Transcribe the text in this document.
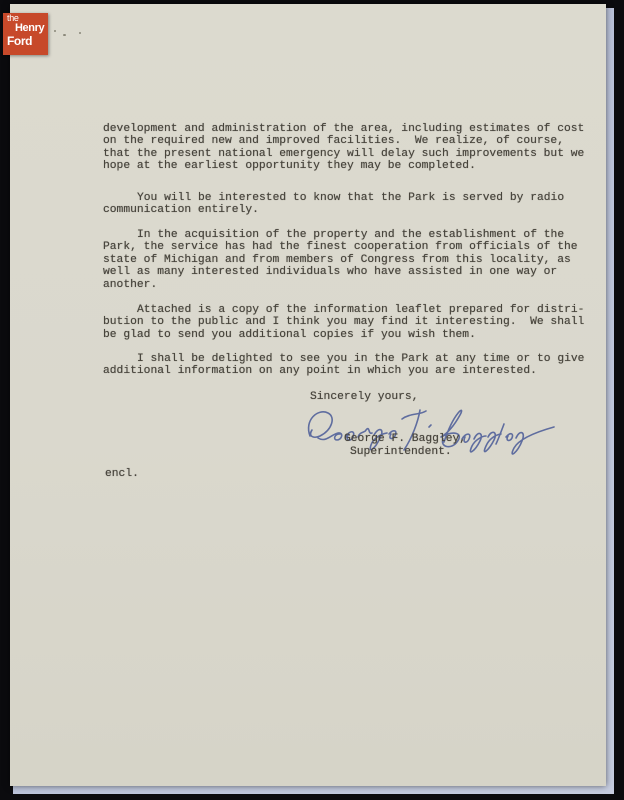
development and administration of the area, including estimates of cost
on the required new and improved facilities.  We realize, of course,
that the present national emergency will delay such improvements but we
hope at the earliest opportunity they may be completed.
You will be interested to know that the Park is served by radio
communication entirely.
In the acquisition of the property and the establishment of the
Park, the service has had the finest cooperation from officials of the
state of Michigan and from members of Congress from this locality, as
well as many interested individuals who have assisted in one way or
another.
Attached is a copy of the information leaflet prepared for distri-
bution to the public and I think you may find it interesting.  We shall
be glad to send you additional copies if you wish them.
I shall be delighted to see you in the Park at any time or to give
additional information on any point in which you are interested.
Sincerely yours,
George F. Baggley,
Superintendent.
encl.
the
Henry
Ford
